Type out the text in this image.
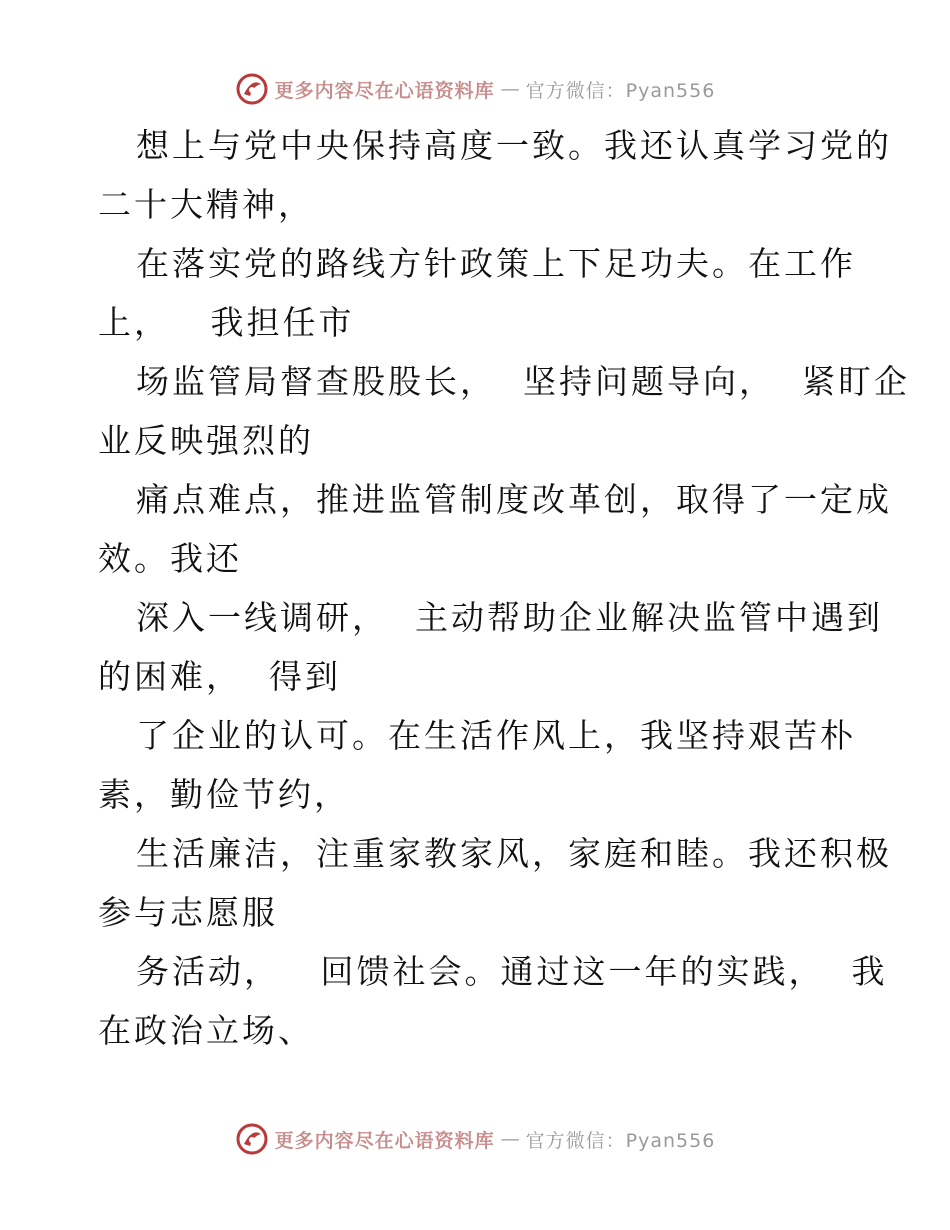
更多内容尽在心语资料库 — 官方微信：Pyan556
想上与党中央保持高度一致。我还认真学习党的
二十大精神，
在落实党的路线方针政策上下足功夫。在工作
上，   我担任市
场监管局督查股股长，  坚持问题导向，  紧盯企
业反映强烈的
痛点难点，推进监管制度改革创，取得了一定成
效。我还
深入一线调研，  主动帮助企业解决监管中遇到
的困难，  得到
了企业的认可。在生活作风上，我坚持艰苦朴
素，勤俭节约，
生活廉洁，注重家教家风，家庭和睦。我还积极
参与志愿服
务活动，   回馈社会。通过这一年的实践，  我
在政治立场、
更多内容尽在心语资料库 — 官方微信：Pyan556
